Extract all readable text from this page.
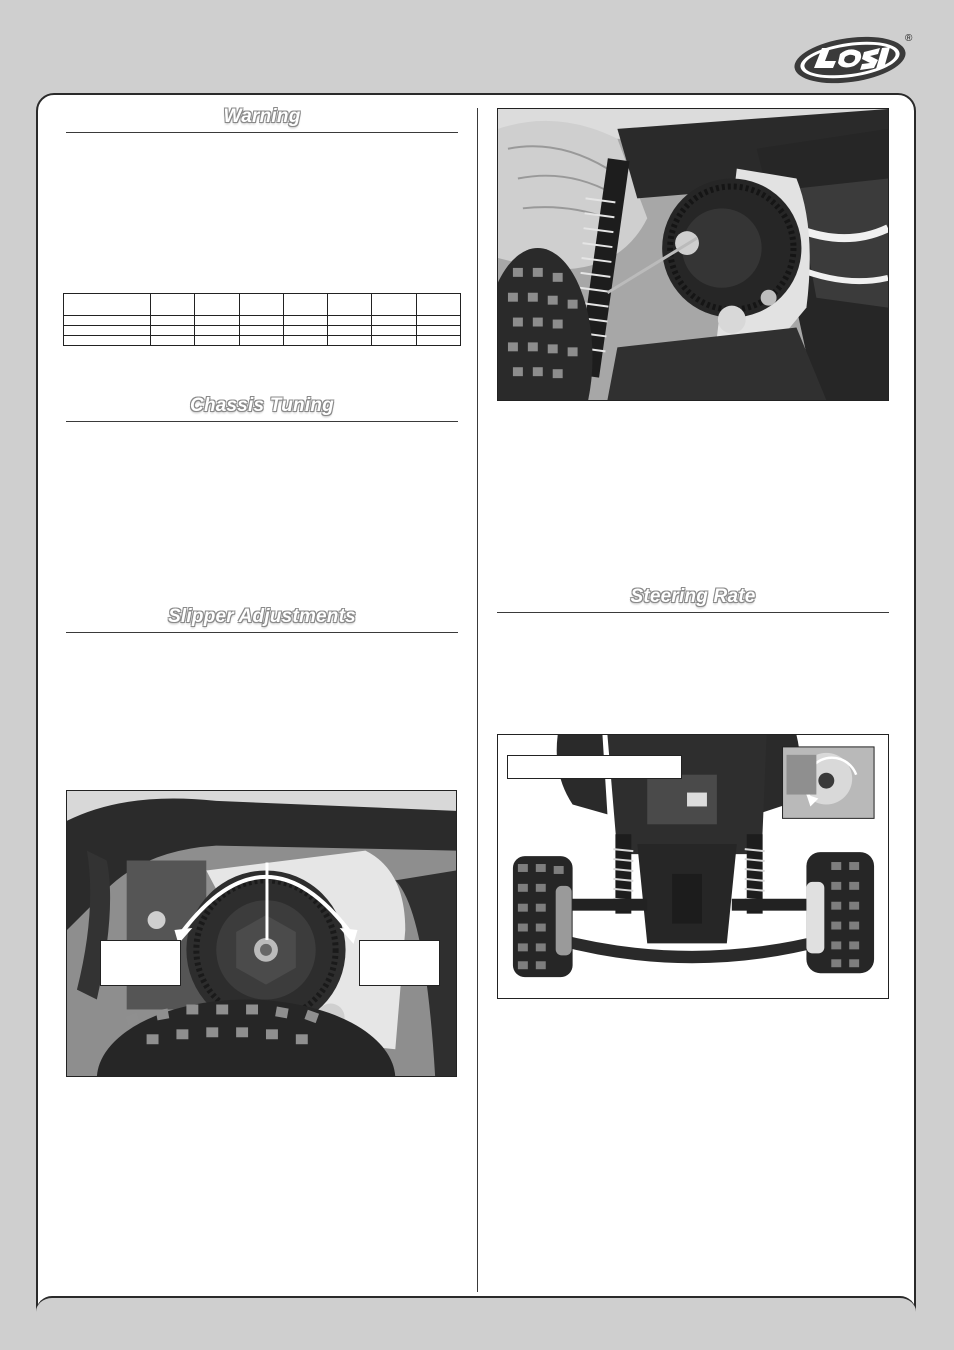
®
Warning

Chassis Tuning
Slipper Adjustments
Steering Rate
